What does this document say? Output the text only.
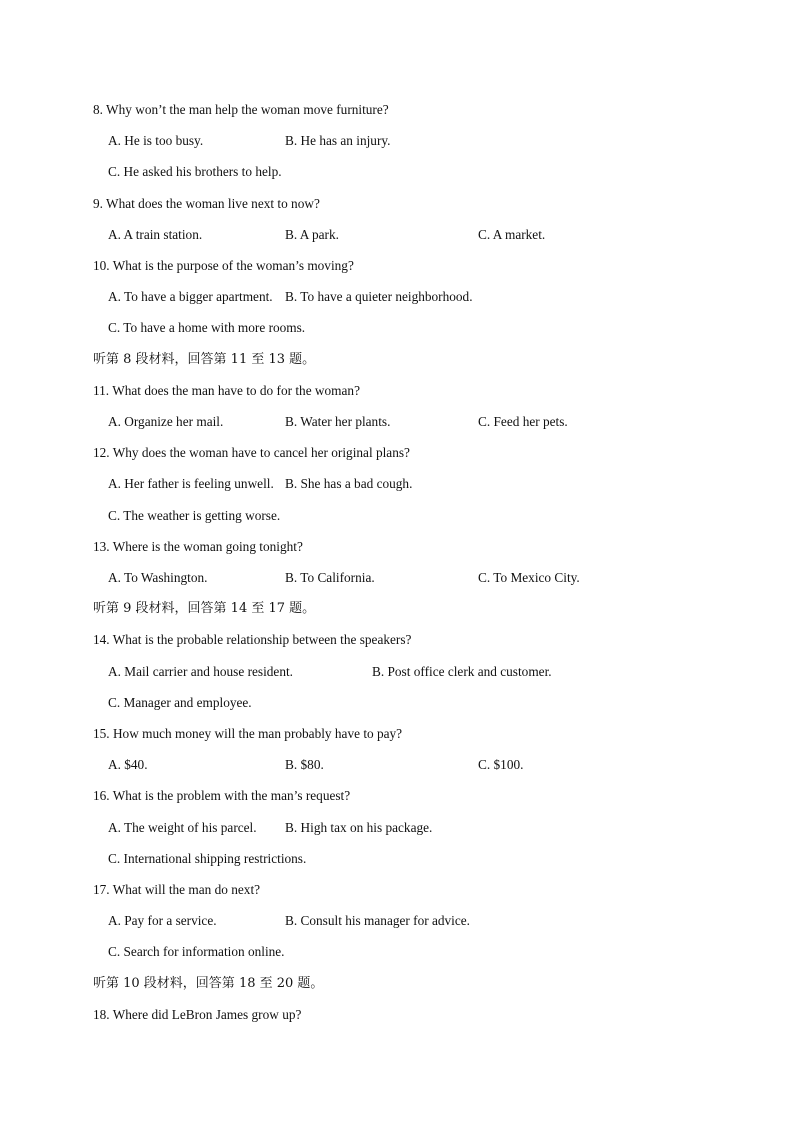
8. Why won’t the man help the woman move furniture?
A. He is too busy.	B. He has an injury.
C. He asked his brothers to help.
9. What does the woman live next to now?
A. A train station.	B. A park.	C. A market.
10. What is the purpose of the woman’s moving?
A. To have a bigger apartment. B. To have a quieter neighborhood.
C. To have a home with more rooms.
听第 8 段材料，回答第 11 至 13 题。
11. What does the man have to do for the woman?
A. Organize her mail.	B. Water her plants.	C. Feed her pets.
12. Why does the woman have to cancel her original plans?
A. Her father is feeling unwell. B. She has a bad cough.
C. The weather is getting worse.
13. Where is the woman going tonight?
A. To Washington.	B. To California.	C. To Mexico City.
听第 9 段材料，回答第 14 至 17 题。
14. What is the probable relationship between the speakers?
A. Mail carrier and house resident.	B. Post office clerk and customer.
C. Manager and employee.
15. How much money will the man probably have to pay?
A. $40.	B. $80.	C. $100.
16. What is the problem with the man’s request?
A. The weight of his parcel. B. High tax on his package.
C. International shipping restrictions.
17. What will the man do next?
A. Pay for a service.	B. Consult his manager for advice.
C. Search for information online.
听第 10 段材料，回答第 18 至 20 题。
18. Where did LeBron James grow up?
